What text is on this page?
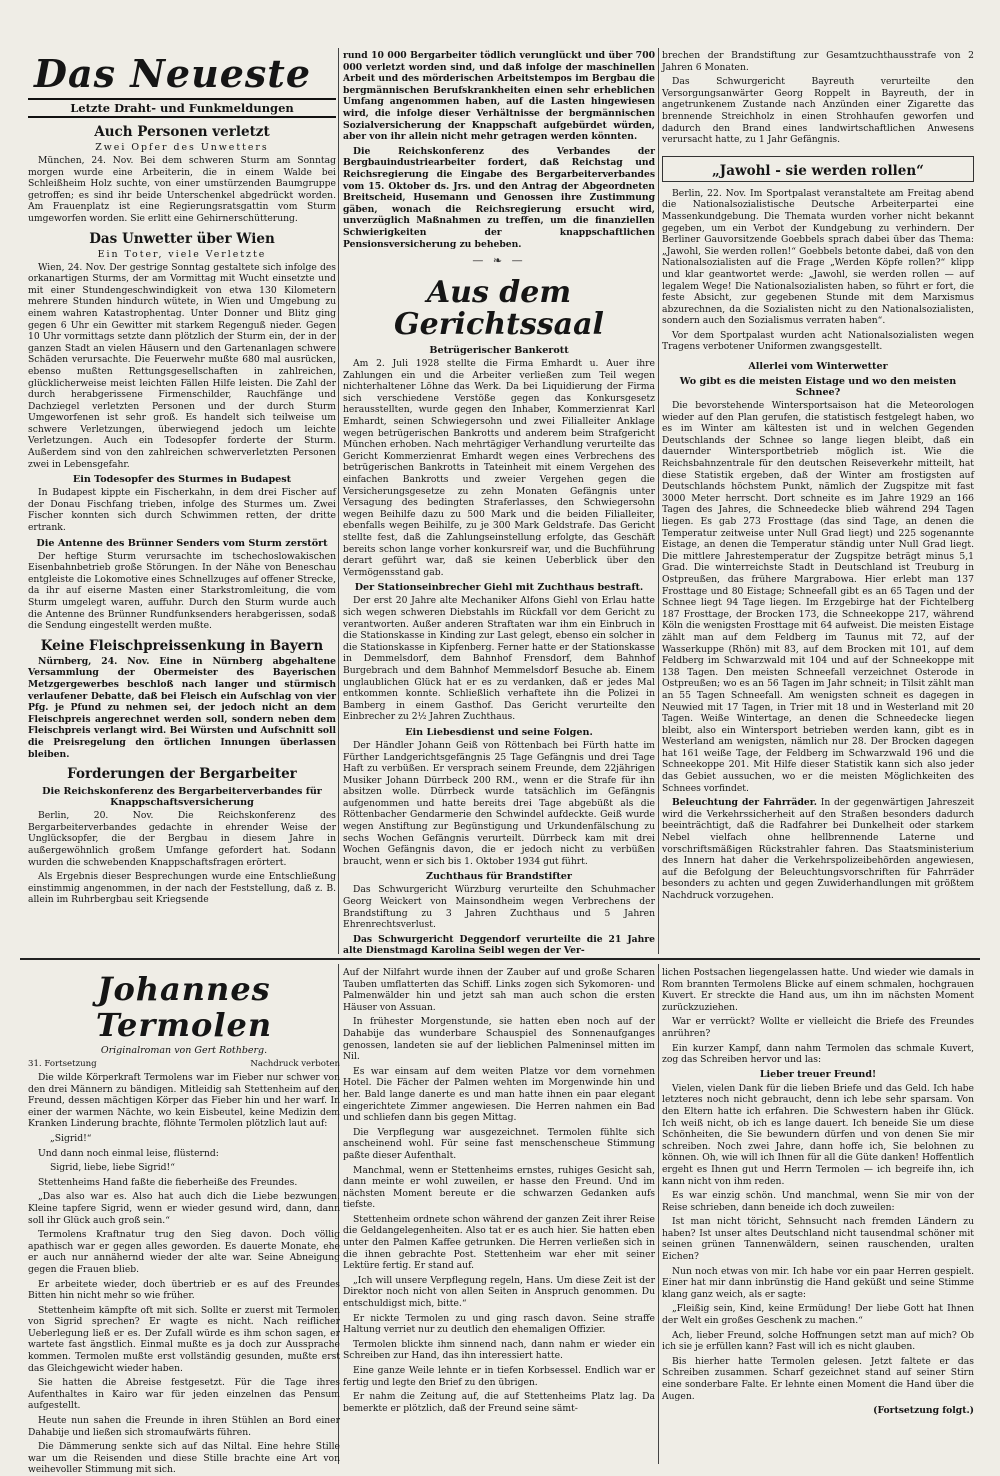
Das Neueste
Letzte Draht- und Funkmeldungen
Auch Personen verletzt
Zwei Opfer des Unwetters

München, 24. Nov. Bei dem schweren Sturm am Sonntag morgen wurde eine Arbeiterin, die in einem Walde bei Schleißheim Holz suchte, von einer umstürzenden Baumgruppe getroffen; es sind ihr beide Unterschenkel abgedrückt worden. Am Frauenplatz ist eine Regierungsratsgattin vom Sturm umgeworfen worden. Sie erlitt eine Gehirnerschütterung.

Das Unwetter über Wien
Ein Toter, viele Verletzte

Wien, 24. Nov. Der gestrige Sonntag gestaltete sich infolge des orkanartigen Sturms, der am Vormittag mit Wucht einsetzte und mit einer Stundengeschwindigkeit von etwa 130 Kilometern mehrere Stunden hindurch wütete, in Wien und Umgebung zu einem wahren Katastrophentag. Unter Donner und Blitz ging gegen 6 Uhr ein Gewitter mit starkem Regenguß nieder. Gegen 10 Uhr vormittags setzte dann plötzlich der Sturm ein, der in der ganzen Stadt an vielen Häusern und den Gartenanlagen schwere Schäden verursachte. Die Feuerwehr mußte 680 mal ausrücken, ebenso mußten Rettungsgesellschaften in zahlreichen, glücklicherweise meist leichten Fällen Hilfe leisten. Die Zahl der durch herabgerissene Firmenschilder, Rauchfänge und Dachziegel verletzten Personen und der durch Sturm Umgeworfenen ist sehr groß. Es handelt sich teilweise um schwere Verletzungen, überwiegend jedoch um leichte Verletzungen. Auch ein Todesopfer forderte der Sturm. Außerdem sind von den zahlreichen schwerverletzten Personen zwei in Lebensgefahr.

Ein Todesopfer des Sturmes in Budapest

In Budapest kippte ein Fischerkahn, in dem drei Fischer auf der Donau Fischfang trieben, infolge des Sturmes um. Zwei Fischer konnten sich durch Schwimmen retten, der dritte ertrank.

Die Antenne des Brünner Senders vom Sturm zerstört

Der heftige Sturm verursachte im tschechoslowakischen Eisenbahnbetrieb große Störungen. In der Nähe von Beneschau entgleiste die Lokomotive eines Schnellzuges auf offener Strecke, da ihr auf eiserne Masten einer Starkstromleitung, die vom Sturm umgelegt waren, auffuhr. Durch den Sturm wurde auch die Antenne des Brünner Rundfunksenders herabgerissen, sodaß die Sendung eingestellt werden mußte.

Keine Fleischpreissenkung in Bayern

Nürnberg, 24. Nov. Eine in Nürnberg abgehaltene Versammlung der Obermeister des Bayerischen Metzgergewerbes beschloß nach langer und stürmisch verlaufener Debatte, daß bei Fleisch ein Aufschlag von vier Pfg. je Pfund zu nehmen sei, der jedoch nicht an dem Fleischpreis angerechnet werden soll, sondern neben dem Fleischpreis verlangt wird. Bei Würsten und Aufschnitt soll die Preisregelung den örtlichen Innungen überlassen bleiben.

Forderungen der Bergarbeiter
Die Reichskonferenz des Bergarbeiterverbandes für Knappschaftsversicherung

Berlin, 20. Nov. Die Reichskonferenz des Bergarbeiterverbandes gedachte in ehrender Weise der Unglücksopfer, die der Bergbau in diesem Jahre in außergewöhnlich großem Umfange gefordert hat. Sodann wurden die schwebenden Knappschaftsfragen erörtert.

Als Ergebnis dieser Besprechungen wurde eine Entschließung einstimmig angenommen, in der nach der Feststellung, daß z. B. allein im Ruhrbergbau seit Kriegsende

rund 10 000 Bergarbeiter tödlich verunglückt und über 700 000 verletzt worden sind, und daß infolge der maschinellen Arbeit und des mörderischen Arbeitstempos im Bergbau die bergmännischen Berufskrankheiten einen sehr erheblichen Umfang angenommen haben, auf die Lasten hingewiesen wird, die infolge dieser Verhältnisse der bergmännischen Sozialversicherung der Knappschaft aufgebürdet würden, aber von ihr allein nicht mehr getragen werden könnten.

Die Reichskonferenz des Verbandes der Bergbauindustriearbeiter fordert, daß Reichstag und Reichsregierung die Eingabe des Bergarbeiterverbandes vom 15. Oktober ds. Jrs. und den Antrag der Abgeordneten Breitscheid, Husemann und Genossen ihre Zustimmung gäben, wonach die Reichsregierung ersucht wird, unverzüglich Maßnahmen zu treffen, um die finanziellen Schwierigkeiten der knappschaftlichen Pensionsversicherung zu beheben.

— ❧ —
Aus dem Gerichtssaal
Betrügerischer Bankerott

Am 2. Juli 1928 stellte die Firma Emhardt u. Auer ihre Zahlungen ein und die Arbeiter verließen zum Teil wegen nichterhaltener Löhne das Werk. Da bei Liquidierung der Firma sich verschiedene Verstöße gegen das Konkursgesetz herausstellten, wurde gegen den Inhaber, Kommerzienrat Karl Emhardt, seinen Schwiegersohn und zwei Filialleiter Anklage wegen betrügerischen Bankrotts und anderem beim Strafgericht München erhoben. Nach mehrtägiger Verhandlung verurteilte das Gericht Kommerzienrat Emhardt wegen eines Verbrechens des betrügerischen Bankrotts in Tateinheit mit einem Vergehen des einfachen Bankrotts und zweier Vergehen gegen die Versicherungsgesetze zu zehn Monaten Gefängnis unter Versagung des bedingten Straferlasses, den Schwiegersohn wegen Beihilfe dazu zu 500 Mark und die beiden Filialleiter, ebenfalls wegen Beihilfe, zu je 300 Mark Geldstrafe. Das Gericht stellte fest, daß die Zahlungseinstellung erfolgte, das Geschäft bereits schon lange vorher konkursreif war, und die Buchführung derart geführt war, daß sie keinen Ueberblick über den Vermögensstand gab.

Der Stationseinbrecher Giehl mit Zuchthaus bestraft.

Der erst 20 Jahre alte Mechaniker Alfons Giehl von Erlau hatte sich wegen schweren Diebstahls im Rückfall vor dem Gericht zu verantworten. Außer anderen Straftaten war ihm ein Einbruch in die Stationskasse in Kinding zur Last gelegt, ebenso ein solcher in die Stationskasse in Kipfenberg. Ferner hatte er der Stationskasse in Demmelsdorf, dem Bahnhof Frensdorf, dem Bahnhof Burgebrach und dem Bahnhof Memmelsdorf Besuche ab. Einem unglaublichen Glück hat er es zu verdanken, daß er jedes Mal entkommen konnte. Schließlich verhaftete ihn die Polizei in Bamberg in einem Gasthof. Das Gericht verurteilte den Einbrecher zu 2½ Jahren Zuchthaus.

Ein Liebesdienst und seine Folgen.

Der Händler Johann Geiß von Röttenbach bei Fürth hatte im Fürther Landgerichtsgefängnis 25 Tage Gefängnis und drei Tage Haft zu verbüßen. Er versprach seinem Freunde, dem 22jährigen Musiker Johann Dürrbeck 200 RM., wenn er die Strafe für ihn absitzen wolle. Dürrbeck wurde tatsächlich im Gefängnis aufgenommen und hatte bereits drei Tage abgebüßt als die Röttenbacher Gendarmerie den Schwindel aufdeckte. Geiß wurde wegen Anstiftung zur Begünstigung und Urkundenfälschung zu sechs Wochen Gefängnis verurteilt. Dürrbeck kam mit drei Wochen Gefängnis davon, die er jedoch nicht zu verbüßen braucht, wenn er sich bis 1. Oktober 1934 gut führt.

Zuchthaus für Brandstifter

Das Schwurgericht Würzburg verurteilte den Schuhmacher Georg Weickert von Mainsondheim wegen Verbrechens der Brandstiftung zu 3 Jahren Zuchthaus und 5 Jahren Ehrenrechtsverlust.

Das Schwurgericht Deggendorf verurteilte die 21 Jahre alte Dienstmagd Karolina Seibl wegen der Ver-

brechen der Brandstiftung zur Gesamtzuchthausstrafe von 2 Jahren 6 Monaten.

Das Schwurgericht Bayreuth verurteilte den Versorgungsanwärter Georg Roppelt in Bayreuth, der in angetrunkenem Zustande nach Anzünden einer Zigarette das brennende Streichholz in einen Strohhaufen geworfen und dadurch den Brand eines landwirtschaftlichen Anwesens verursacht hatte, zu 1 Jahr Gefängnis.

„Jawohl - sie werden rollen“

Berlin, 22. Nov. Im Sportpalast veranstaltete am Freitag abend die Nationalsozialistische Deutsche Arbeiterpartei eine Massenkundgebung. Die Themata wurden vorher nicht bekannt gegeben, um ein Verbot der Kundgebung zu verhindern. Der Berliner Gauvorsitzende Goebbels sprach dabei über das Thema: „Jawohl, Sie werden rollen!“ Goebbels betonte dabei, daß von den Nationalsozialisten auf die Frage „Werden Köpfe rollen?“ klipp und klar geantwortet werde: „Jawohl, sie werden rollen — auf legalem Wege! Die Nationalsozialisten haben, so führt er fort, die feste Absicht, zur gegebenen Stunde mit dem Marxismus abzurechnen, da die Sozialisten nicht zu den Nationalsozialisten, sondern auch den Sozialismus verraten haben“.

Vor dem Sportpalast wurden acht Nationalsozialisten wegen Tragens verbotener Uniformen zwangsgestellt.

Allerlei vom Winterwetter
Wo gibt es die meisten Eistage und wo den meisten Schnee?

Die bevorstehende Wintersportsaison hat die Meteorologen wieder auf den Plan gerufen, die statistisch festgelegt haben, wo es im Winter am kältesten ist und in welchen Gegenden Deutschlands der Schnee so lange liegen bleibt, daß ein dauernder Wintersportbetrieb möglich ist. Wie die Reichsbahnzentrale für den deutschen Reiseverkehr mitteilt, hat diese Statistik ergeben, daß der Winter am frostigsten auf Deutschlands höchstem Punkt, nämlich der Zugspitze mit fast 3000 Meter herrscht. Dort schneite es im Jahre 1929 an 166 Tagen des Jahres, die Schneedecke blieb während 294 Tagen liegen. Es gab 273 Frosttage (das sind Tage, an denen die Temperatur zeitweise unter Null Grad liegt) und 225 sogenannte Eistage, an denen die Temperatur ständig unter Null Grad liegt. Die mittlere Jahrestemperatur der Zugspitze beträgt minus 5,1 Grad. Die winterreichste Stadt in Deutschland ist Treuburg in Ostpreußen, das frühere Margrabowa. Hier erlebt man 137 Frosttage und 80 Eistage; Schneefall gibt es an 65 Tagen und der Schnee liegt 94 Tage liegen. Im Erzgebirge hat der Fichtelberg 187 Frosttage, der Brocken 173, die Schneekoppe 217, während Köln die wenigsten Frosttage mit 64 aufweist. Die meisten Eistage zählt man auf dem Feldberg im Taunus mit 72, auf der Wasserkuppe (Rhön) mit 83, auf dem Brocken mit 101, auf dem Feldberg im Schwarzwald mit 104 und auf der Schneekoppe mit 138 Tagen. Den meisten Schneefall verzeichnet Osterode in Ostpreußen; wo es an 56 Tagen im Jahr schneit; in Tilsit zählt man an 55 Tagen Schneefall. Am wenigsten schneit es dagegen in Neuwied mit 17 Tagen, in Trier mit 18 und in Westerland mit 20 Tagen. Weiße Wintertage, an denen die Schneedecke liegen bleibt, also ein Wintersport betrieben werden kann, gibt es in Westerland am wenigsten, nämlich nur 28. Der Brocken dagegen hat 161 weiße Tage, der Feldberg im Schwarzwald 196 und die Schneekoppe 201. Mit Hilfe dieser Statistik kann sich also jeder das Gebiet aussuchen, wo er die meisten Möglichkeiten des Schnees vorfindet.

Beleuchtung der Fahrräder. In der gegenwärtigen Jahreszeit wird die Verkehrssicherheit auf den Straßen besonders dadurch beeinträchtigt, daß die Radfahrer bei Dunkelheit oder starkem Nebel vielfach ohne hellbrennende Laterne und vorschriftsmäßigen Rückstrahler fahren. Das Staatsministerium des Innern hat daher die Verkehrspolizeibehörden angewiesen, auf die Befolgung der Beleuchtungsvorschriften für Fahrräder besonders zu achten und gegen Zuwiderhandlungen mit größtem Nachdruck vorzugehen.

Johannes Termolen
Originalroman von Gert Rothberg.
31. Fortsetzung	Nachdruck verboten

Die wilde Körperkraft Termolens war im Fieber nur schwer von den drei Männern zu bändigen. Mitleidig sah Stettenheim auf den Freund, dessen mächtigen Körper das Fieber hin und her warf. In einer der warmen Nächte, wo kein Eisbeutel, keine Medizin dem Kranken Linderung brachte, flöhnte Termolen plötzlich laut auf:

„Sigrid!“

Und dann noch einmal leise, flüsternd:

Sigrid, liebe, liebe Sigrid!“

Stettenheims Hand faßte die fieberheiße des Freundes.

„Das also war es. Also hat auch dich die Liebe bezwungen. Kleine tapfere Sigrid, wenn er wieder gesund wird, dann, dann soll ihr Glück auch groß sein.“

Termolens Kraftnatur trug den Sieg davon. Doch völlig apathisch war er gegen alles geworden. Es dauerte Monate, ehe er auch nur annähernd wieder der alte war. Seine Abneigung gegen die Frauen blieb.

Er arbeitete wieder, doch übertrieb er es auf des Freundes Bitten hin nicht mehr so wie früher.

Stettenheim kämpfte oft mit sich. Sollte er zuerst mit Termolen von Sigrid sprechen? Er wagte es nicht. Nach reiflicher Ueberlegung ließ er es. Der Zufall würde es ihm schon sagen, er wartete fast ängstlich. Einmal mußte es ja doch zur Aussprache kommen. Termolen mußte erst vollständig gesunden, mußte erst das Gleichgewicht wieder haben.

Sie hatten die Abreise festgesetzt. Für die Tage ihres Aufenthaltes in Kairo war für jeden einzelnen das Pensum aufgestellt.

Heute nun sahen die Freunde in ihren Stühlen an Bord einer Dahabije und ließen sich stromaufwärts führen.

Die Dämmerung senkte sich auf das Niltal. Eine hehre Stille war um die Reisenden und diese Stille brachte eine Art von weihevoller Stimmung mit sich.

Auf der Nilfahrt wurde ihnen der Zauber auf und große Scharen Tauben umflatterten das Schiff. Links zogen sich Sykomoren- und Palmenwälder hin und jetzt sah man auch schon die ersten Häuser von Assuan.

In frühester Morgenstunde, sie hatten eben noch auf der Dahabije das wunderbare Schauspiel des Sonnenaufganges genossen, landeten sie auf der lieblichen Palmeninsel mitten im Nil.

Es war einsam auf dem weiten Platze vor dem vornehmen Hotel. Die Fächer der Palmen wehten im Morgenwinde hin und her. Bald lange danerte es und man hatte ihnen ein paar elegant eingerichtete Zimmer angewiesen. Die Herren nahmen ein Bad und schliefen dann bis gegen Mittag.

Die Verpflegung war ausgezeichnet. Termolen fühlte sich anscheinend wohl. Für seine fast menschenscheue Stimmung paßte dieser Aufenthalt.

Manchmal, wenn er Stettenheims ernstes, ruhiges Gesicht sah, dann meinte er wohl zuweilen, er hasse den Freund. Und im nächsten Moment bereute er die schwarzen Gedanken aufs tiefste.

Stettenheim ordnete schon während der ganzen Zeit ihrer Reise die Geldangelegenheiten. Also tat er es auch hier. Sie hatten eben unter den Palmen Kaffee getrunken. Die Herren verließen sich in die ihnen gebrachte Post. Stettenheim war eher mit seiner Lektüre fertig. Er stand auf.

„Ich will unsere Verpflegung regeln, Hans. Um diese Zeit ist der Direktor noch nicht von allen Seiten in Anspruch genommen. Du entschuldigst mich, bitte.“

Er nickte Termolen zu und ging rasch davon. Seine straffe Haltung verriet nur zu deutlich den ehemaligen Offizier.

Termolen blickte ihm sinnend nach, dann nahm er wieder ein Schreiben zur Hand, das ihn interessiert hatte.

Eine ganze Weile lehnte er in tiefen Korbsessel. Endlich war er fertig und legte den Brief zu den übrigen.

Er nahm die Zeitung auf, die auf Stettenheims Platz lag. Da bemerkte er plötzlich, daß der Freund seine sämt-

lichen Postsachen liegengelassen hatte. Und wieder wie damals in Rom brannten Termolens Blicke auf einem schmalen, hochgrauen Kuvert. Er streckte die Hand aus, um ihn im nächsten Moment zurückzuziehen.

War er verrückt? Wollte er vielleicht die Briefe des Freundes anrühren?

Ein kurzer Kampf, dann nahm Termolen das schmale Kuvert, zog das Schreiben hervor und las:

Lieber treuer Freund!

Vielen, vielen Dank für die lieben Briefe und das Geld. Ich habe letzteres noch nicht gebraucht, denn ich lebe sehr sparsam. Von den Eltern hatte ich erfahren. Die Schwestern haben ihr Glück. Ich weiß nicht, ob ich es lange dauert. Ich beneide Sie um diese Schönheiten, die Sie bewundern dürfen und von denen Sie mir schreiben. Noch zwei Jahre, dann hoffe ich, Sie belohnen zu können. Oh, wie will ich Ihnen für all die Güte danken! Hoffentlich ergeht es Ihnen gut und Herrn Termolen — ich begreife ihn, ich kann nicht von ihm reden.

Es war einzig schön. Und manchmal, wenn Sie mir von der Reise schrieben, dann beneide ich doch zuweilen:

Ist man nicht töricht, Sehnsucht nach fremden Ländern zu haben? Ist unser altes Deutschland nicht tausendmal schöner mit seinen grünen Tannenwäldern, seinen rauschenden, uralten Eichen?

Nun noch etwas von mir. Ich habe vor ein paar Herren gespielt. Einer hat mir dann inbrünstig die Hand geküßt und seine Stimme klang ganz weich, als er sagte:

„Fleißig sein, Kind, keine Ermüdung! Der liebe Gott hat Ihnen der Welt ein großes Geschenk zu machen.“

Ach, lieber Freund, solche Hoffnungen setzt man auf mich? Ob ich sie je erfüllen kann? Fast will ich es nicht glauben.

Bis hierher hatte Termolen gelesen. Jetzt faltete er das Schreiben zusammen. Scharf gezeichnet stand auf seiner Stirn eine sonderbare Falte. Er lehnte einen Moment die Hand über die Augen.

(Fortsetzung folgt.)
